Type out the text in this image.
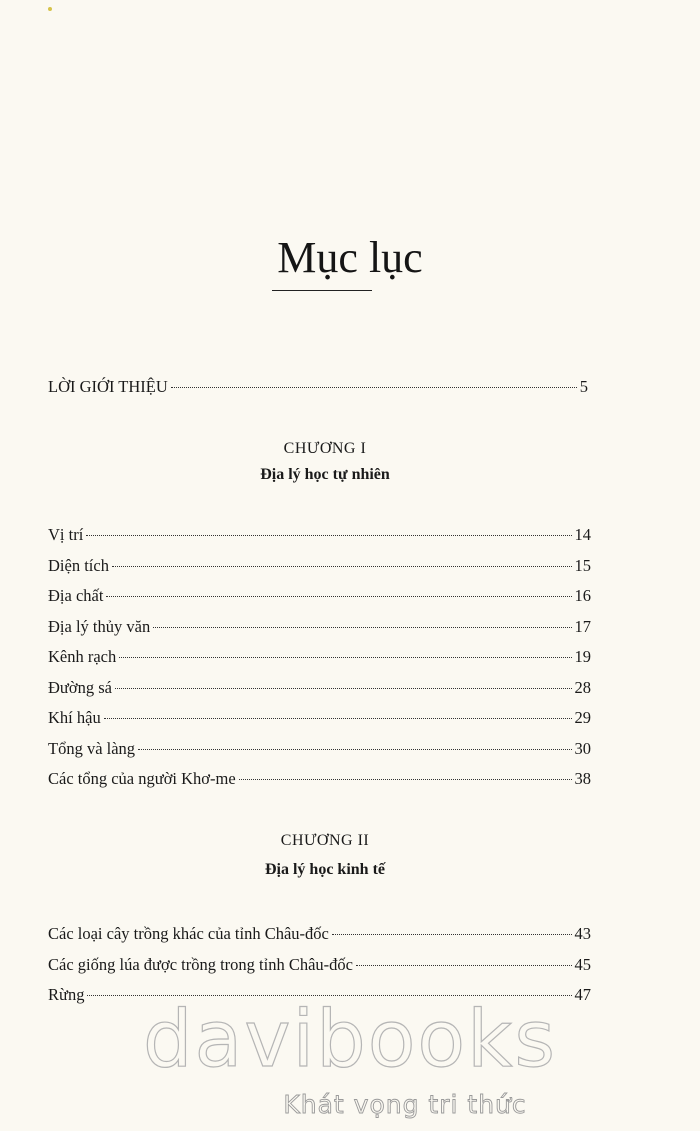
Mục lục
LỜI GIỚI THIỆU	5
CHƯƠNG I
Địa lý học tự nhiên
Vị trí	14
Diện tích	15
Địa chất	16
Địa lý thủy văn	17
Kênh rạch	19
Đường sá	28
Khí hậu	29
Tổng và làng	30
Các tổng của người Khơ-me	38
CHƯƠNG II
Địa lý học kinh tế
Các loại cây trồng khác của tỉnh Châu-đốc	43
Các giống lúa được trồng trong tỉnh Châu-đốc	45
Rừng	47
davibooks
Khát vọng tri thức
